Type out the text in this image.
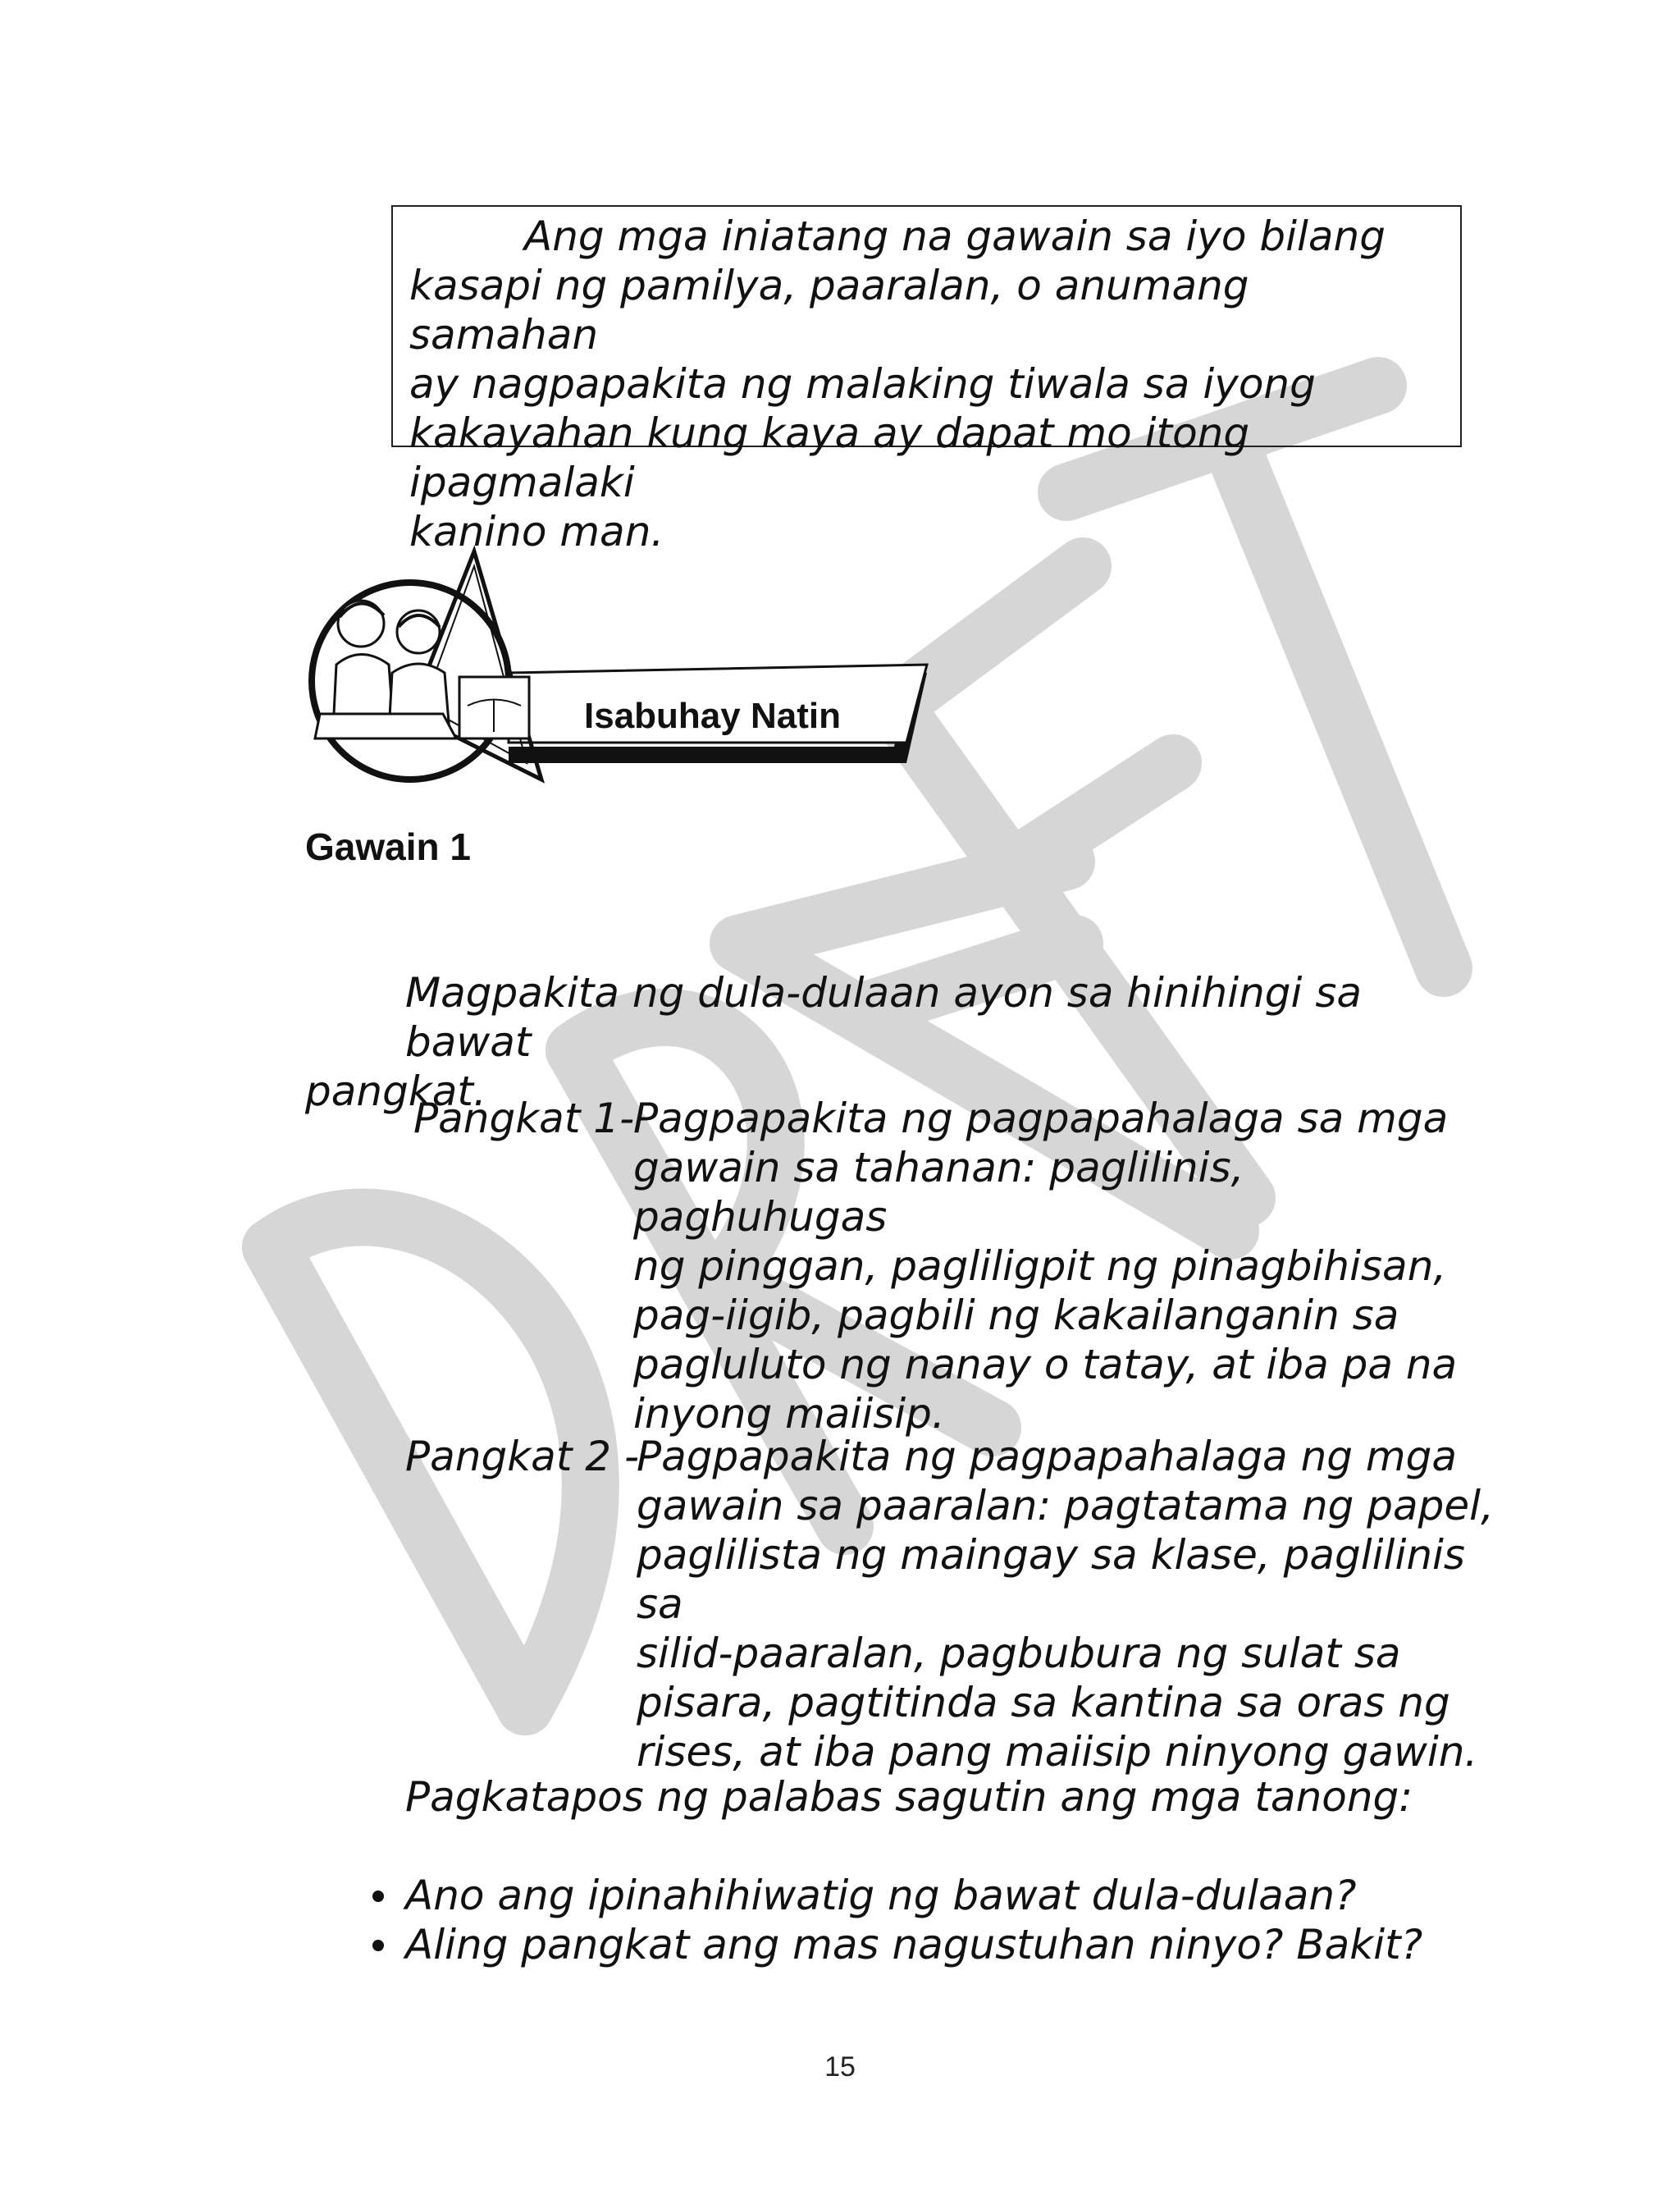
Ang mga iniatang na gawain sa iyo bilang

kasapi ng pamilya, paaralan, o anumang samahan

ay nagpapakita ng malaking tiwala sa iyong

kakayahan kung kaya ay dapat mo itong ipagmalaki

kanino man.

Isabuhay Natin
Gawain 1
Magpakita ng dula-dulaan ayon sa hinihingi sa bawat
pangkat.
Pangkat 1-
Pagpapakita ng pagpapahalaga sa mga
gawain sa tahanan: paglilinis, paghuhugas
ng pinggan, pagliligpit ng pinagbihisan,
pag-iigib, pagbili ng kakailanganin sa
pagluluto ng nanay o tatay, at iba pa na
inyong maiisip.
Pangkat 2 -
Pagpapakita ng pagpapahalaga ng mga
gawain sa paaralan: pagtatama ng papel,
paglilista ng maingay sa klase, paglilinis sa
silid-paaralan, pagbubura ng sulat sa
pisara, pagtitinda sa kantina sa oras ng
rises, at iba pang maiisip ninyong gawin.

Pagkatapos ng palabas sagutin ang mga tanong:

Ano ang ipinahihiwatig ng bawat dula-dulaan?
Aling pangkat ang mas nagustuhan ninyo? Bakit?
15
